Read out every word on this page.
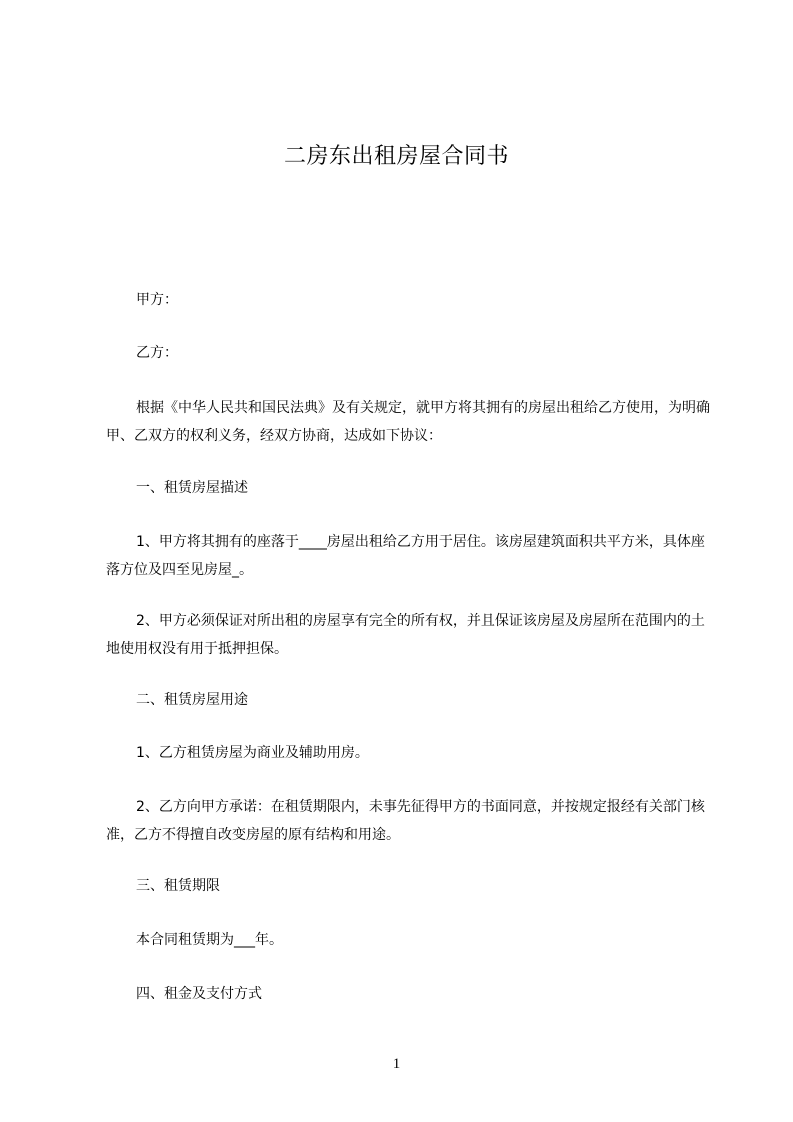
二房东出租房屋合同书

甲方：

乙方：

根据《中华人民共和国民法典》及有关规定，就甲方将其拥有的房屋出租给乙方使用，为明确甲、乙双方的权利义务，经双方协商，达成如下协议：

一、租赁房屋描述

1、甲方将其拥有的座落于____房屋出租给乙方用于居住。该房屋建筑面积共平方米，具体座落方位及四至见房屋_。

2、甲方必须保证对所出租的房屋享有完全的所有权，并且保证该房屋及房屋所在范围内的土地使用权没有用于抵押担保。

二、租赁房屋用途

1、乙方租赁房屋为商业及辅助用房。

2、乙方向甲方承诺：在租赁期限内，未事先征得甲方的书面同意，并按规定报经有关部门核准，乙方不得擅自改变房屋的原有结构和用途。

三、租赁期限

本合同租赁期为___年。

四、租金及支付方式

1
